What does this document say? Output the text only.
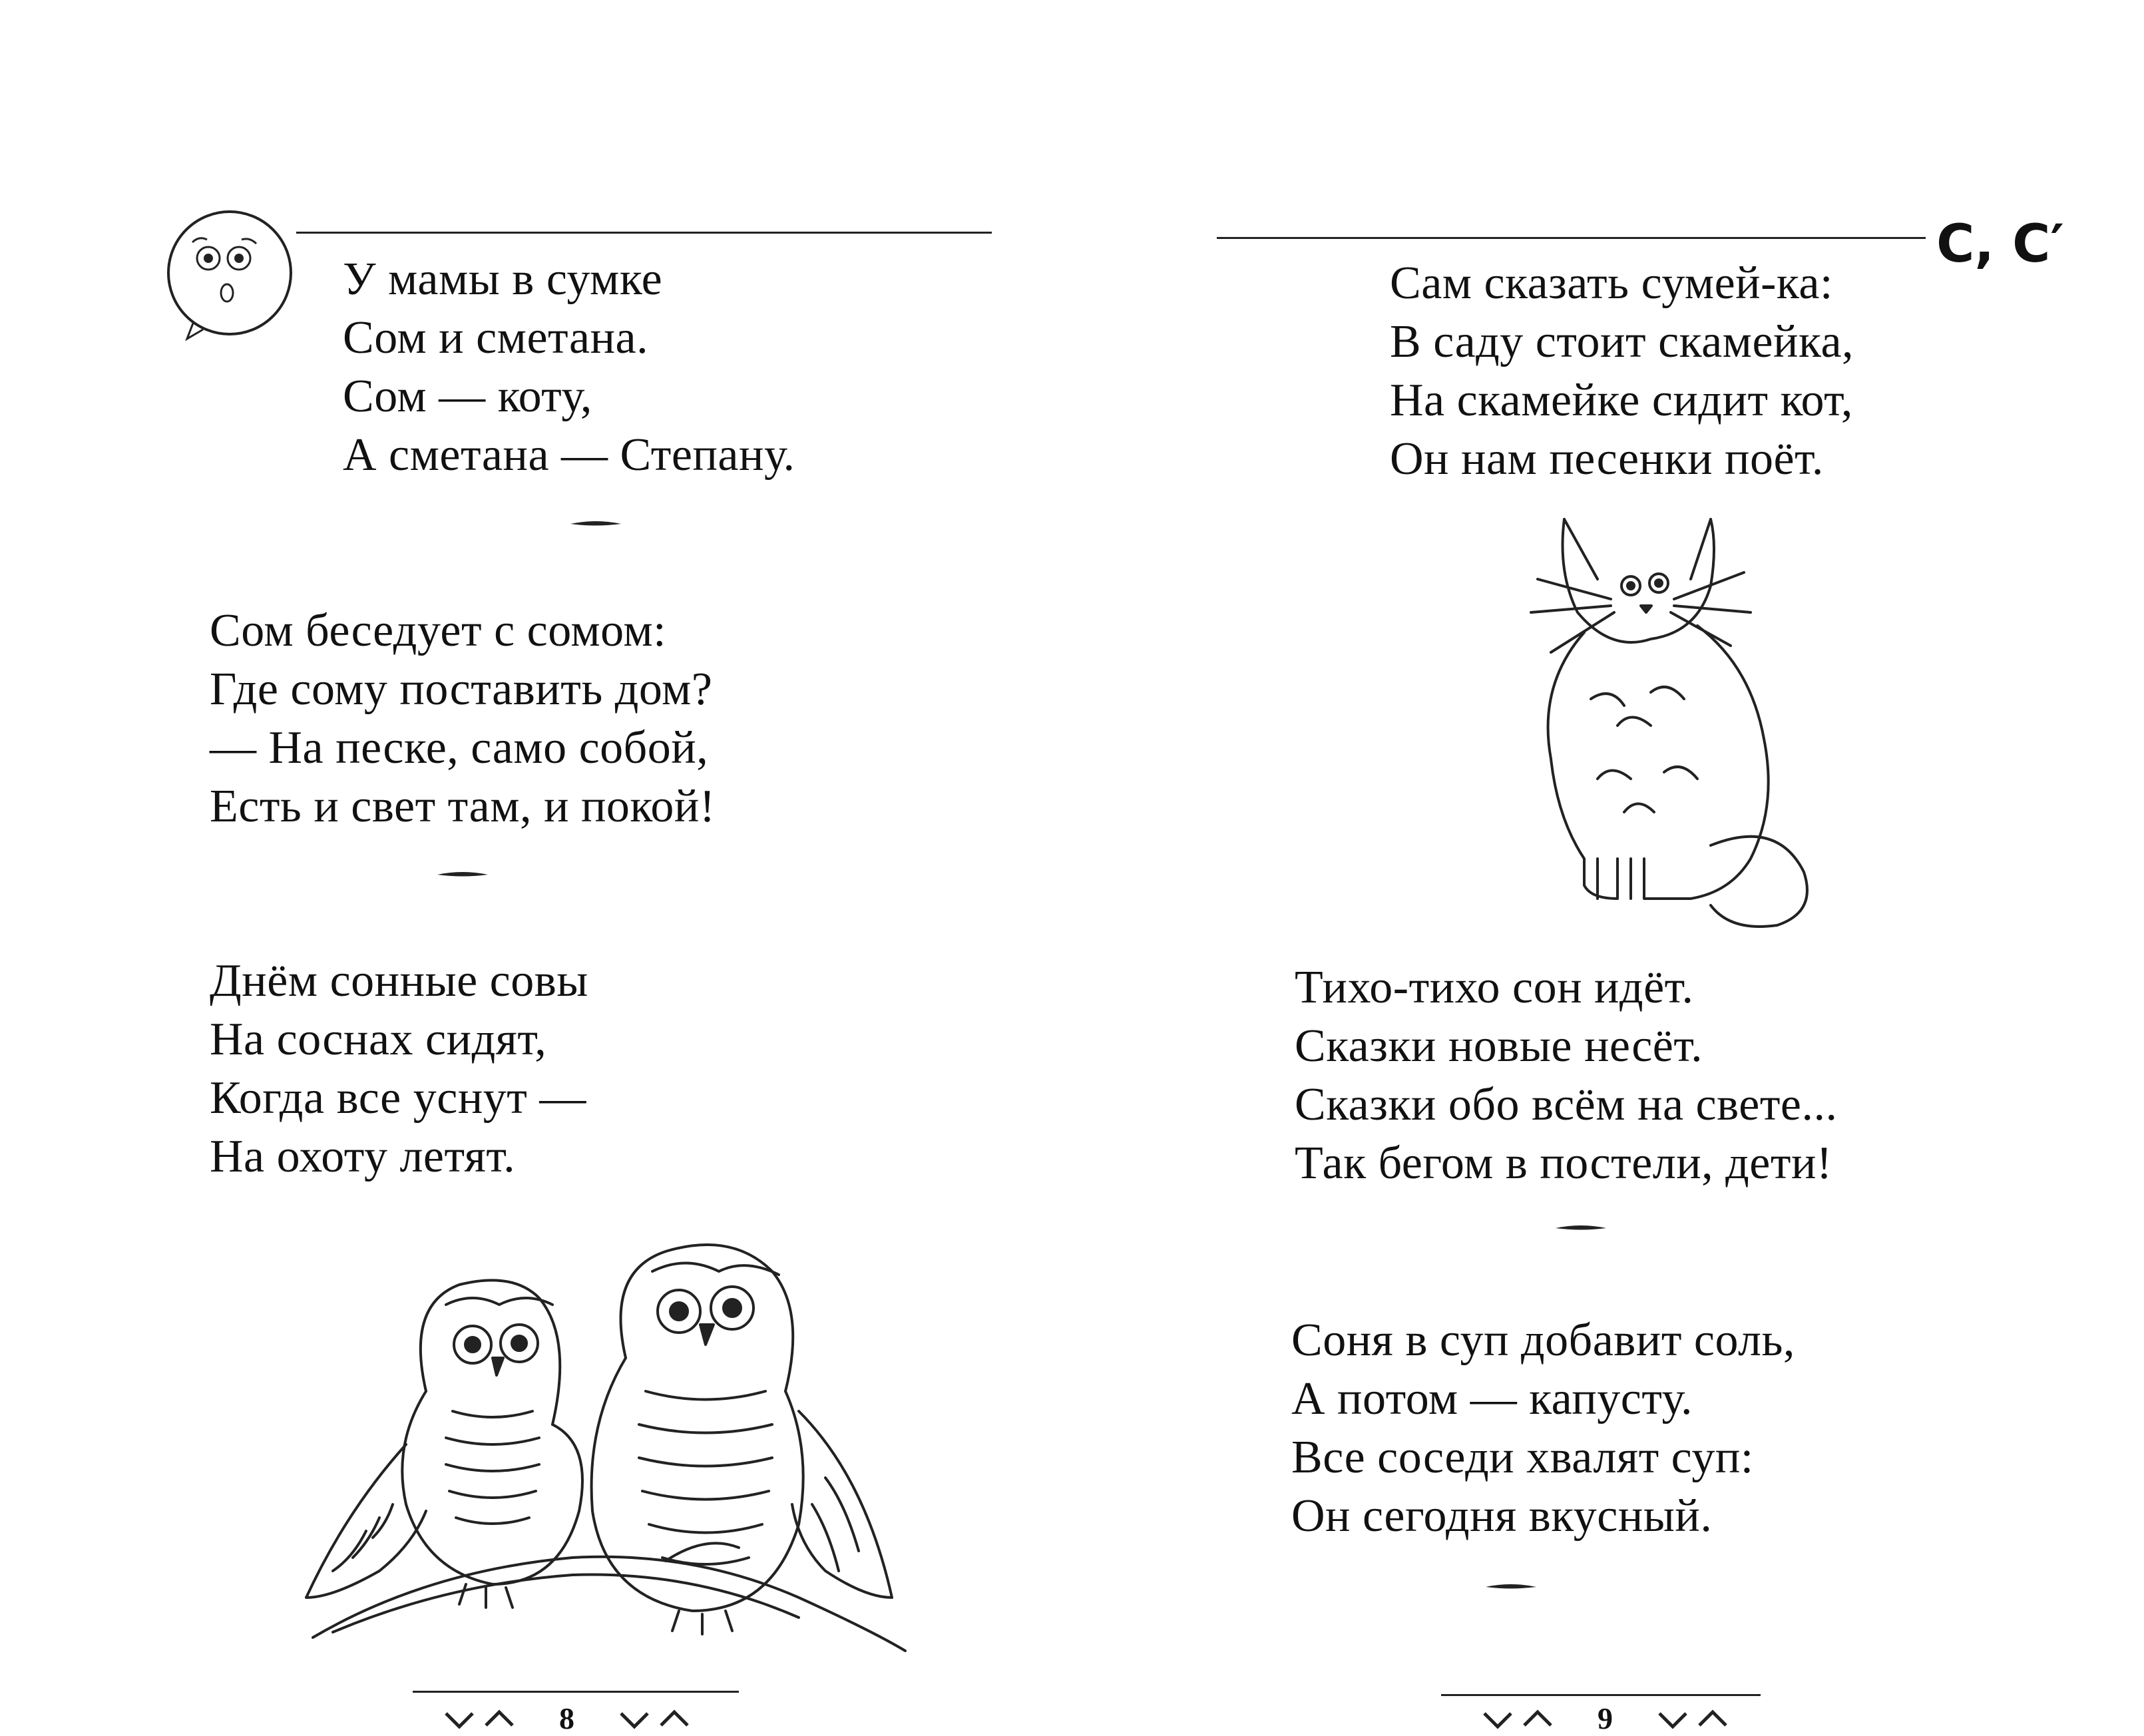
У мамы в сумке
Сом и сметана.
Сом — коту,
А сметана — Степану.
Сом беседует с сомом:
Где сому поставить дом?
— На песке, само собой,
Есть и свет там, и покой!
Днём сонные совы
На соснах сидят,
Когда все уснут —
На охоту летят.
8
Сам сказать сумей-ка:
В саду стоит скамейка,
На скамейке сидит кот,
Он нам песенки поёт.
Тихо-тихо сон идёт.
Сказки новые несёт.
Сказки обо всём на свете...
Так бегом в постели, дети!
Соня в суп добавит соль,
А потом — капусту.
Все соседи хвалят суп:
Он сегодня вкусный.
9
С, С′
